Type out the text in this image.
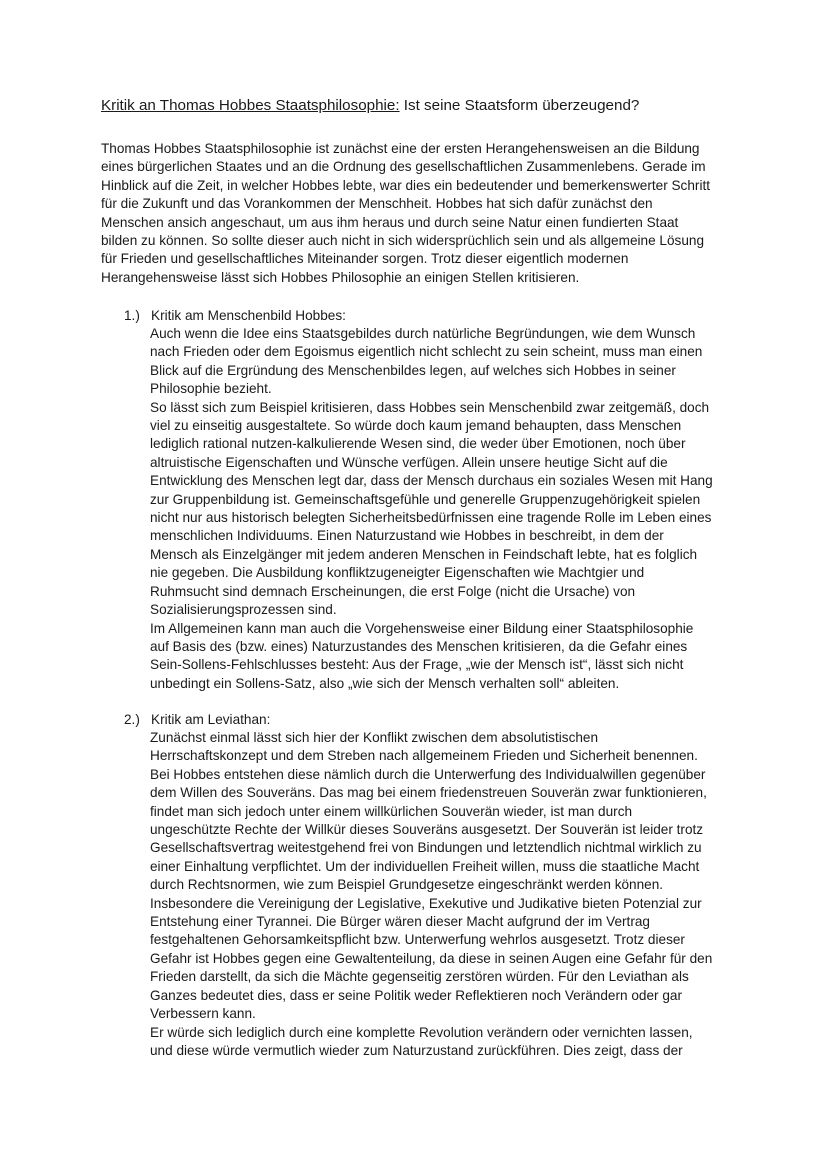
Kritik an Thomas Hobbes Staatsphilosophie: Ist seine Staatsform überzeugend?

Thomas Hobbes Staatsphilosophie ist zunächst eine der ersten Herangehensweisen an die Bildung

eines bürgerlichen Staates und an die Ordnung des gesellschaftlichen Zusammenlebens. Gerade im

Hinblick auf die Zeit, in welcher Hobbes lebte, war dies ein bedeutender und bemerkenswerter Schritt

für die Zukunft und das Vorankommen der Menschheit. Hobbes hat sich dafür zunächst den

Menschen ansich angeschaut, um aus ihm heraus und durch seine Natur einen fundierten Staat

bilden zu können. So sollte dieser auch nicht in sich widersprüchlich sein und als allgemeine Lösung

für Frieden und gesellschaftliches Miteinander sorgen. Trotz dieser eigentlich modernen

Herangehensweise lässt sich Hobbes Philosophie an einigen Stellen kritisieren.

1.) Kritik am Menschenbild Hobbes:

Auch wenn die Idee eins Staatsgebildes durch natürliche Begründungen, wie dem Wunsch

nach Frieden oder dem Egoismus eigentlich nicht schlecht zu sein scheint, muss man einen

Blick auf die Ergründung des Menschenbildes legen, auf welches sich Hobbes in seiner

Philosophie bezieht.

So lässt sich zum Beispiel kritisieren, dass Hobbes sein Menschenbild zwar zeitgemäß, doch

viel zu einseitig ausgestaltete. So würde doch kaum jemand behaupten, dass Menschen

lediglich rational nutzen-kalkulierende Wesen sind, die weder über Emotionen, noch über

altruistische Eigenschaften und Wünsche verfügen. Allein unsere heutige Sicht auf die

Entwicklung des Menschen legt dar, dass der Mensch durchaus ein soziales Wesen mit Hang

zur Gruppenbildung ist. Gemeinschaftsgefühle und generelle Gruppenzugehörigkeit spielen

nicht nur aus historisch belegten Sicherheitsbedürfnissen eine tragende Rolle im Leben eines

menschlichen Individuums. Einen Naturzustand wie Hobbes in beschreibt, in dem der

Mensch als Einzelgänger mit jedem anderen Menschen in Feindschaft lebte, hat es folglich

nie gegeben. Die Ausbildung konfliktzugeneigter Eigenschaften wie Machtgier und

Ruhmsucht sind demnach Erscheinungen, die erst Folge (nicht die Ursache) von

Sozialisierungsprozessen sind.

Im Allgemeinen kann man auch die Vorgehensweise einer Bildung einer Staatsphilosophie

auf Basis des (bzw. eines) Naturzustandes des Menschen kritisieren, da die Gefahr eines

Sein-Sollens-Fehlschlusses besteht: Aus der Frage, „wie der Mensch ist“, lässt sich nicht

unbedingt ein Sollens-Satz, also „wie sich der Mensch verhalten soll“ ableiten.

2.) Kritik am Leviathan:

Zunächst einmal lässt sich hier der Konflikt zwischen dem absolutistischen

Herrschaftskonzept und dem Streben nach allgemeinem Frieden und Sicherheit benennen.

Bei Hobbes entstehen diese nämlich durch die Unterwerfung des Individualwillen gegenüber

dem Willen des Souveräns. Das mag bei einem friedenstreuen Souverän zwar funktionieren,

findet man sich jedoch unter einem willkürlichen Souverän wieder, ist man durch

ungeschützte Rechte der Willkür dieses Souveräns ausgesetzt. Der Souverän ist leider trotz

Gesellschaftsvertrag weitestgehend frei von Bindungen und letztendlich nichtmal wirklich zu

einer Einhaltung verpflichtet. Um der individuellen Freiheit willen, muss die staatliche Macht

durch Rechtsnormen, wie zum Beispiel Grundgesetze eingeschränkt werden können.

Insbesondere die Vereinigung der Legislative, Exekutive und Judikative bieten Potenzial zur

Entstehung einer Tyrannei. Die Bürger wären dieser Macht aufgrund der im Vertrag

festgehaltenen Gehorsamkeitspflicht bzw. Unterwerfung wehrlos ausgesetzt. Trotz dieser

Gefahr ist Hobbes gegen eine Gewaltenteilung, da diese in seinen Augen eine Gefahr für den

Frieden darstellt, da sich die Mächte gegenseitig zerstören würden. Für den Leviathan als

Ganzes bedeutet dies, dass er seine Politik weder Reflektieren noch Verändern oder gar

Verbessern kann.

Er würde sich lediglich durch eine komplette Revolution verändern oder vernichten lassen,

und diese würde vermutlich wieder zum Naturzustand zurückführen. Dies zeigt, dass der
